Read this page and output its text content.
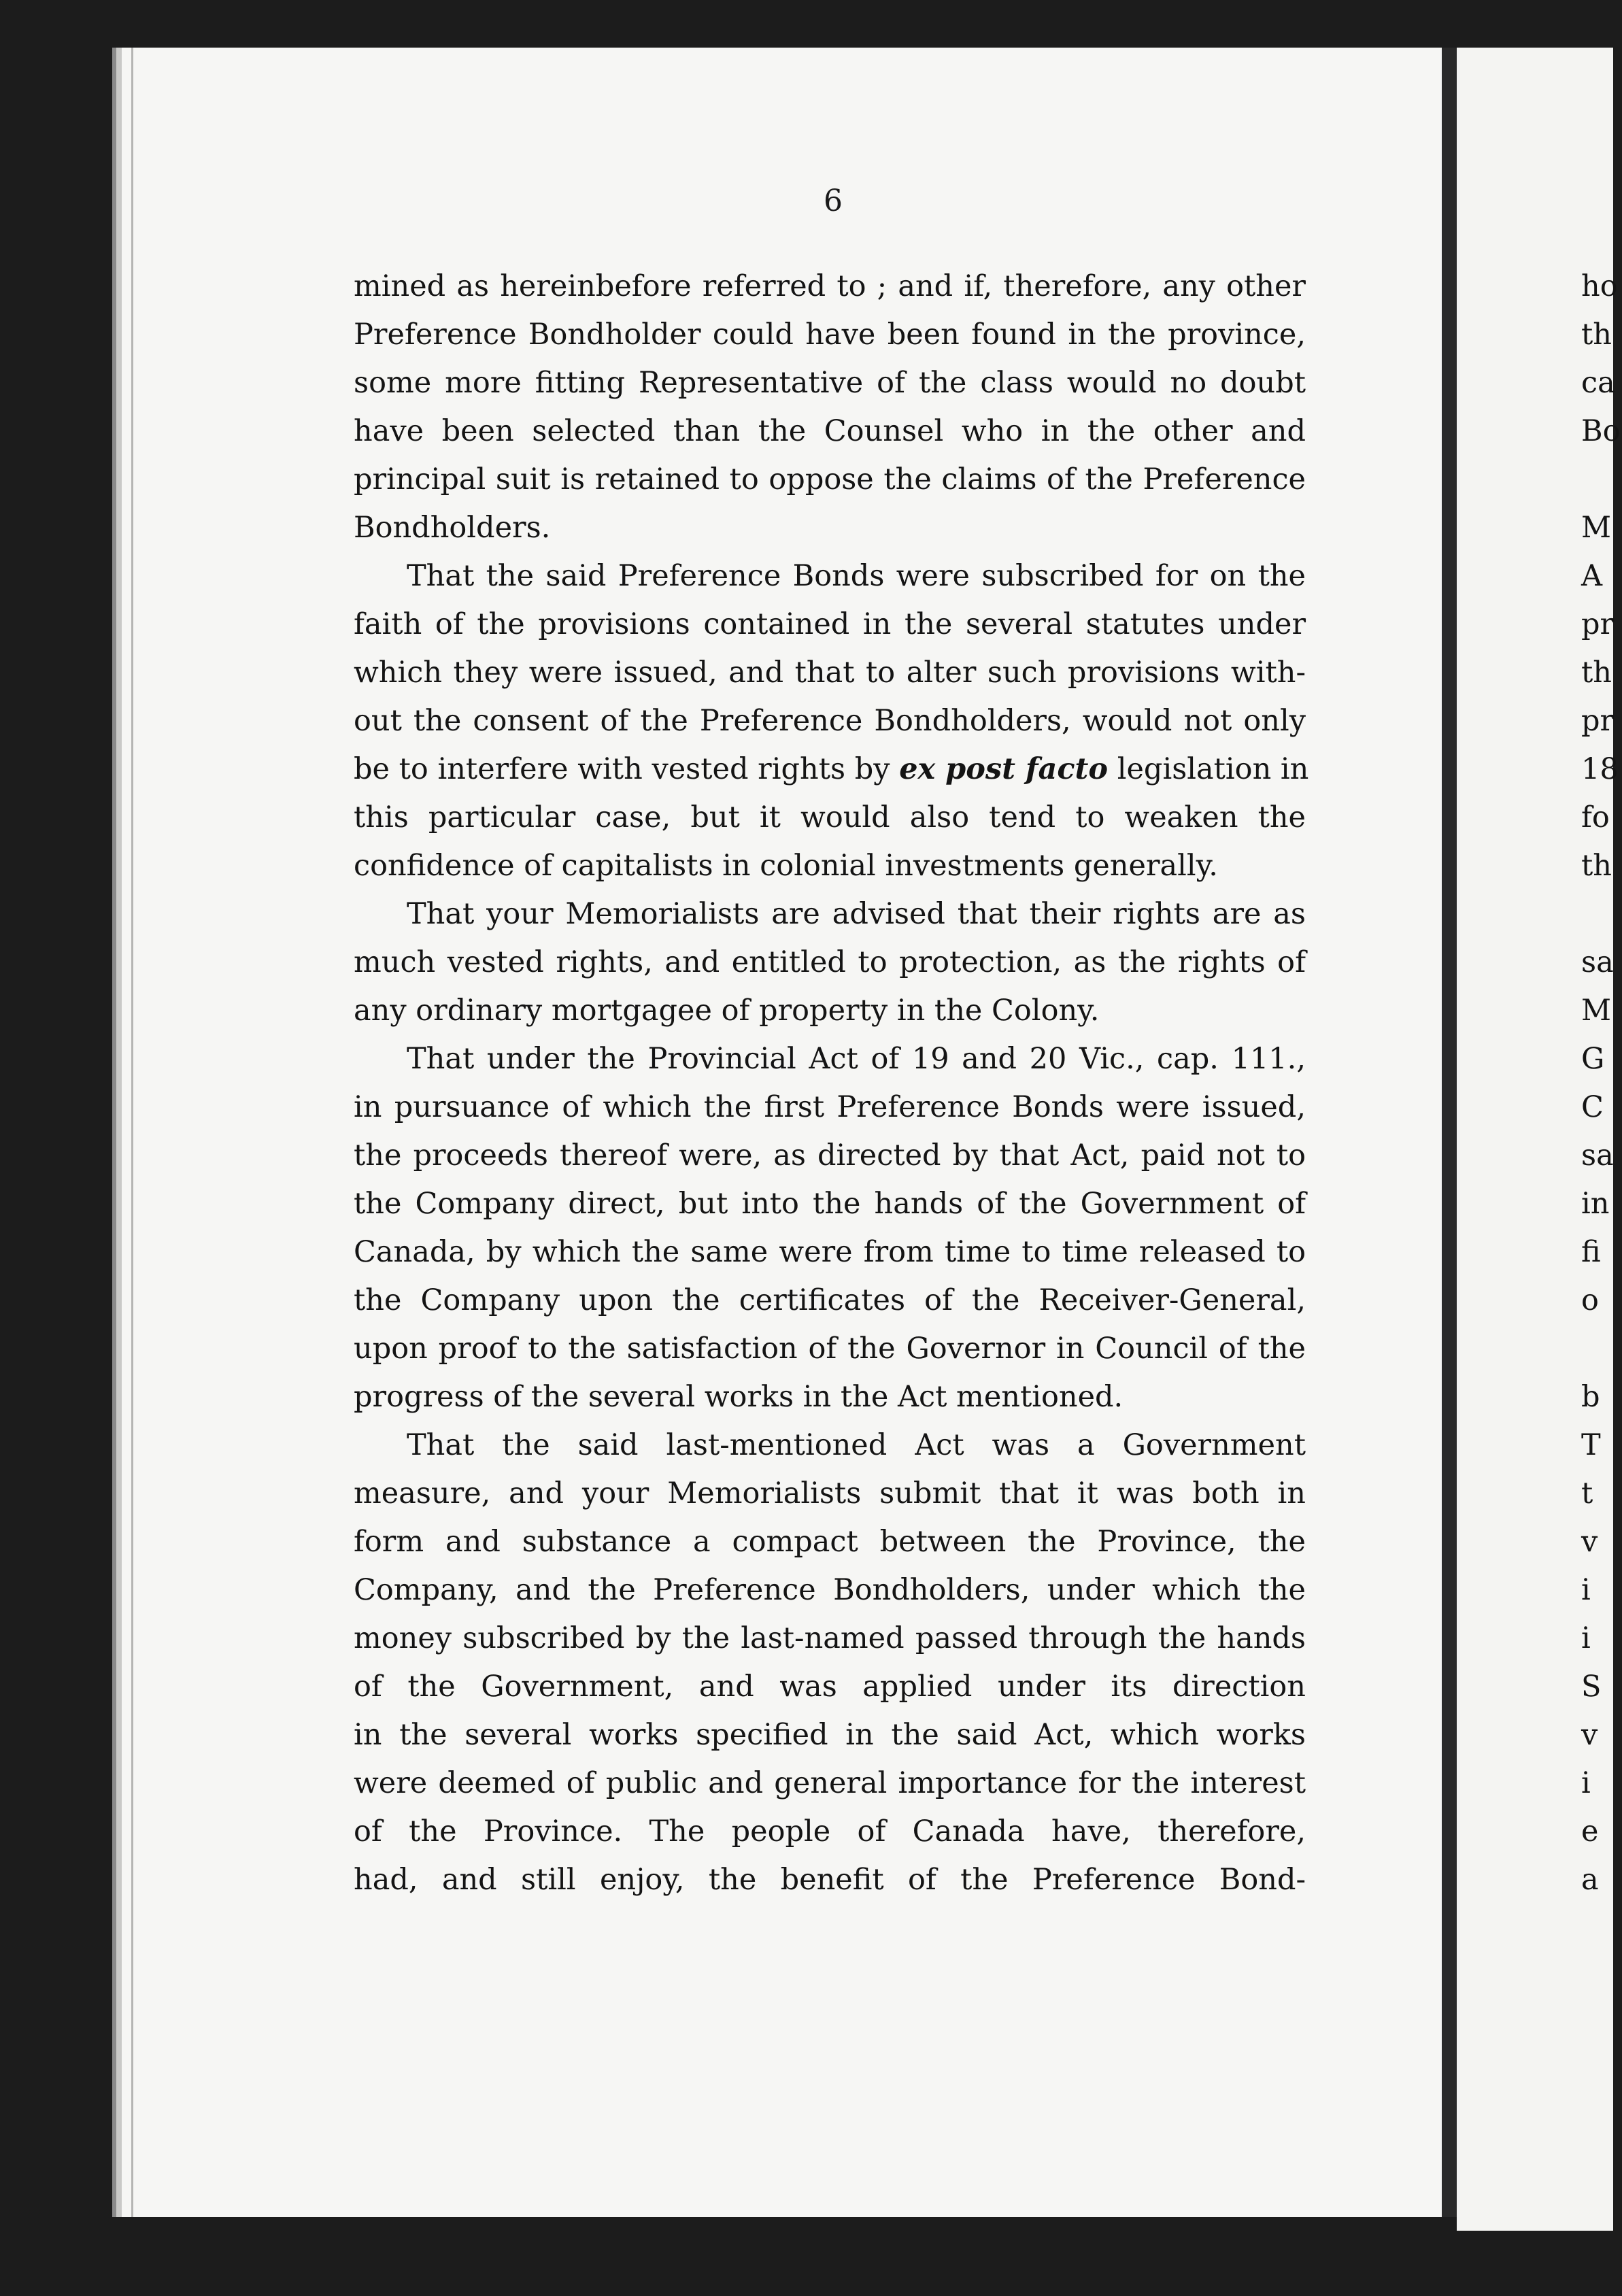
6
mined as hereinbefore referred to ; and if, therefore, any other
Preference Bondholder could have been found in the province,
some more fitting Representative of the class would no doubt
have been selected than the Counsel who in the other and
principal suit is retained to oppose the claims of the Preference
Bondholders.
That the said Preference Bonds were subscribed for on the
faith of the provisions contained in the several statutes under
which they were issued, and that to alter such provisions with-
out the consent of the Preference Bondholders, would not only
be to interfere with vested rights by ex post facto legislation in
this particular case, but it would also tend to weaken the
confidence of capitalists in colonial investments generally.
That your Memorialists are advised that their rights are as
much vested rights, and entitled to protection, as the rights of
any ordinary mortgagee of property in the Colony.
That under the Provincial Act of 19 and 20 Vic., cap. 111.,
in pursuance of which the first Preference Bonds were issued,
the proceeds thereof were, as directed by that Act, paid not to
the Company direct, but into the hands of the Government of
Canada, by which the same were from time to time released to
the Company upon the certificates of the Receiver-General,
upon proof to the satisfaction of the Governor in Council of the
progress of the several works in the Act mentioned.
That the said last-mentioned Act was a Government
measure, and your Memorialists submit that it was both in
form and substance a compact between the Province, the
Company, and the Preference Bondholders, under which the
money subscribed by the last-named passed through the hands
of the Government, and was applied under its direction
in the several works specified in the said Act, which works
were deemed of public and general importance for the interest
of the Province. The people of Canada have, therefore,
had, and still enjoy, the benefit of the Preference Bond-
ho
th
ca
Bo

M
A
pr
th
pr
18
fo
th

sa
M
G
C
sa
in
fi
o

b
T
t
v
i
i
S
v
i
e
a
